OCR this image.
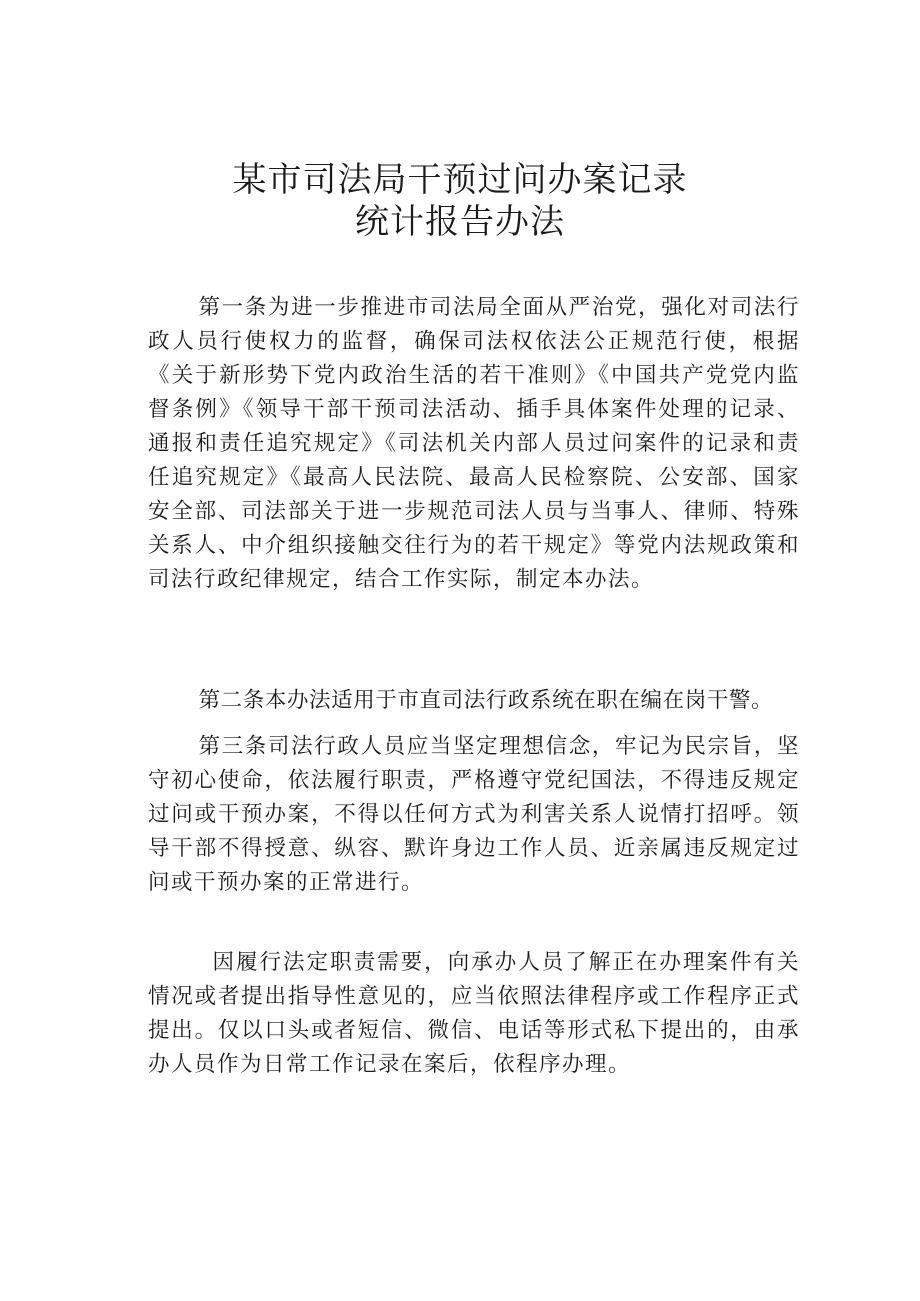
某市司法局干预过问办案记录
统计报告办法

第一条为进一步推进市司法局全面从严治党，强化对司法行政人员行使权力的监督，确保司法权依法公正规范行使，根据《关于新形势下党内政治生活的若干准则》《中国共产党党内监督条例》《领导干部干预司法活动、插手具体案件处理的记录、通报和责任追究规定》《司法机关内部人员过问案件的记录和责任追究规定》《最高人民法院、最高人民检察院、公安部、国家安全部、司法部关于进一步规范司法人员与当事人、律师、特殊关系人、中介组织接触交往行为的若干规定》等党内法规政策和司法行政纪律规定，结合工作实际，制定本办法。

第二条本办法适用于市直司法行政系统在职在编在岗干警。

第三条司法行政人员应当坚定理想信念，牢记为民宗旨，坚守初心使命，依法履行职责，严格遵守党纪国法，不得违反规定过问或干预办案，不得以任何方式为利害关系人说情打招呼。领导干部不得授意、纵容、默许身边工作人员、近亲属违反规定过问或干预办案的正常进行。

因履行法定职责需要，向承办人员了解正在办理案件有关情况或者提出指导性意见的，应当依照法律程序或工作程序正式提出。仅以口头或者短信、微信、电话等形式私下提出的，由承办人员作为日常工作记录在案后，依程序办理。
